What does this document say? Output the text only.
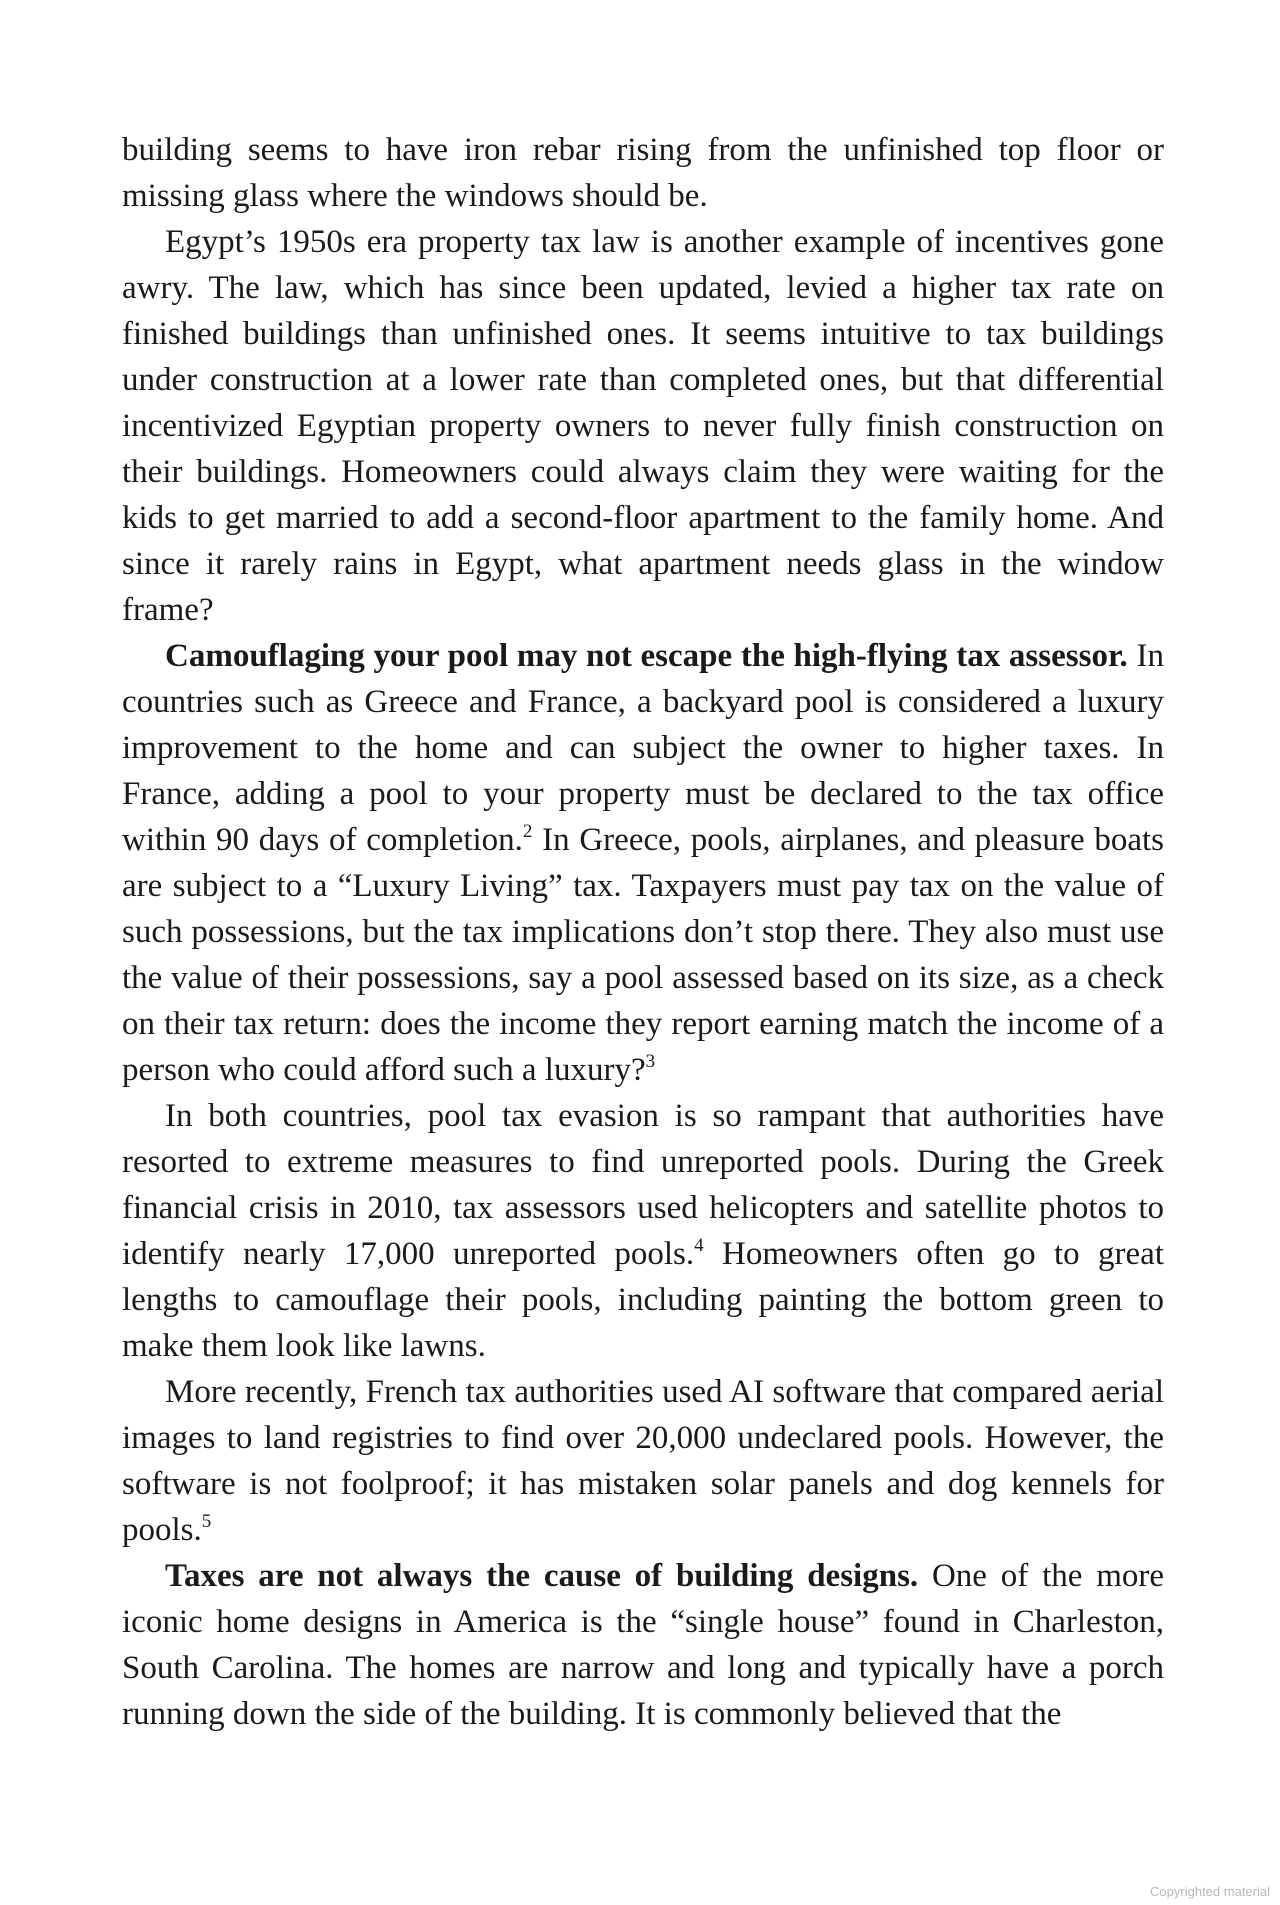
building seems to have iron rebar rising from the unfinished top floor or missing glass where the windows should be.

Egypt’s 1950s era property tax law is another example of incentives gone awry. The law, which has since been updated, levied a higher tax rate on finished buildings than unfinished ones. It seems intuitive to tax buildings under construction at a lower rate than completed ones, but that differential incentivized Egyptian property owners to never fully finish construction on their buildings. Homeowners could always claim they were waiting for the kids to get married to add a second-floor apartment to the family home. And since it rarely rains in Egypt, what apartment needs glass in the window frame?

Camouflaging your pool may not escape the high-flying tax assessor. In countries such as Greece and France, a backyard pool is considered a luxury improvement to the home and can subject the owner to higher taxes. In France, adding a pool to your property must be declared to the tax office within 90 days of completion.$^2$ In Greece, pools, airplanes, and pleasure boats are subject to a “Luxury Living” tax. Taxpayers must pay tax on the value of such possessions, but the tax implications don’t stop there. They also must use the value of their possessions, say a pool assessed based on its size, as a check on their tax return: does the income they report earning match the income of a person who could afford such a luxury?$^3$

In both countries, pool tax evasion is so rampant that authorities have resorted to extreme measures to find unreported pools. During the Greek financial crisis in 2010, tax assessors used helicopters and satellite photos to identify nearly 17,000 unreported pools.$^4$ Homeowners often go to great lengths to camouflage their pools, including painting the bottom green to make them look like lawns.

More recently, French tax authorities used AI software that compared aerial images to land registries to find over 20,000 undeclared pools. However, the software is not foolproof; it has mistaken solar panels and dog kennels for pools.$^5$

Taxes are not always the cause of building designs. One of the more iconic home designs in America is the “single house” found in Charleston, South Carolina. The homes are narrow and long and typically have a porch running down the side of the building. It is commonly believed that the

Copyrighted material
